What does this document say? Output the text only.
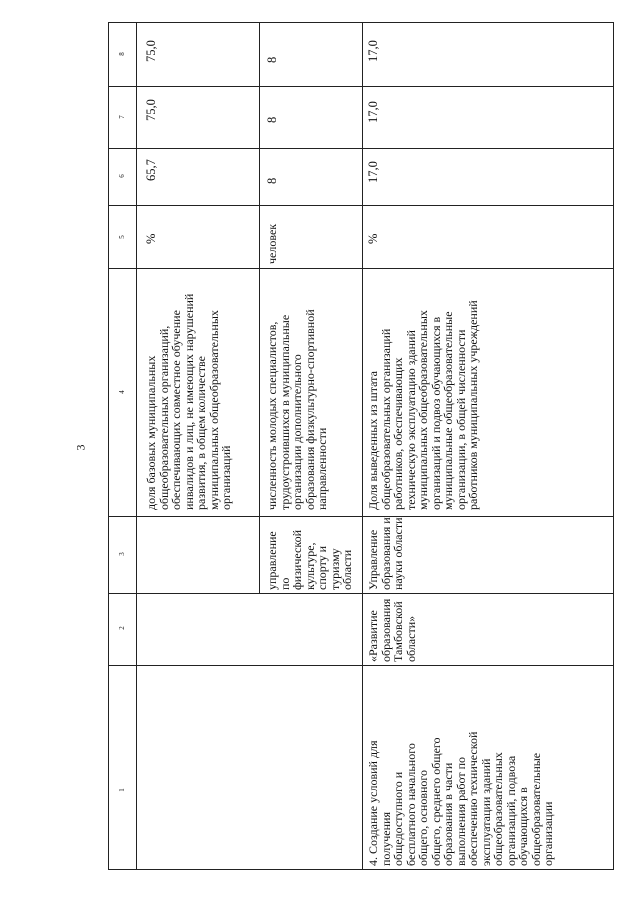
3
1
2
3
4
5
6
7
8
доля базовых муниципальных
общеобразовательных организаций,
обеспечивающих совместное обучение
инвалидов и лиц, не имеющих нарушений
развития, в общем количестве
муниципальных общеобразовательных
организаций
%
65,7
75,0
75,0
управление по
физической
культуре,
спорту и
туризму области
численность молодых специалистов,
трудоустроившихся в муниципальные
организации дополнительного
образования физкультурно-спортивной
направленности
человек
8
8
8
4. Создание условий для
получения
общедоступного и
бесплатного начального
общего, основного
общего, среднего общего
образования в части
выполнения работ по
обеспечению технической
эксплуатации зданий
общеобразовательных
организаций, подвоза
обучающихся в
общеобразовательные
организации
«Развитие
образования
Тамбовской
области»
Управление
образования и
науки области
Доля выведенных из штата
общеобразовательных организаций
работников, обеспечивающих
техническую эксплуатацию зданий
муниципальных общеобразовательных
организаций и подвоз обучающихся в
муниципальные общеобразовательные
организации, в общей численности
работников муниципальных учреждений
%
17,0
17,0
17,0
